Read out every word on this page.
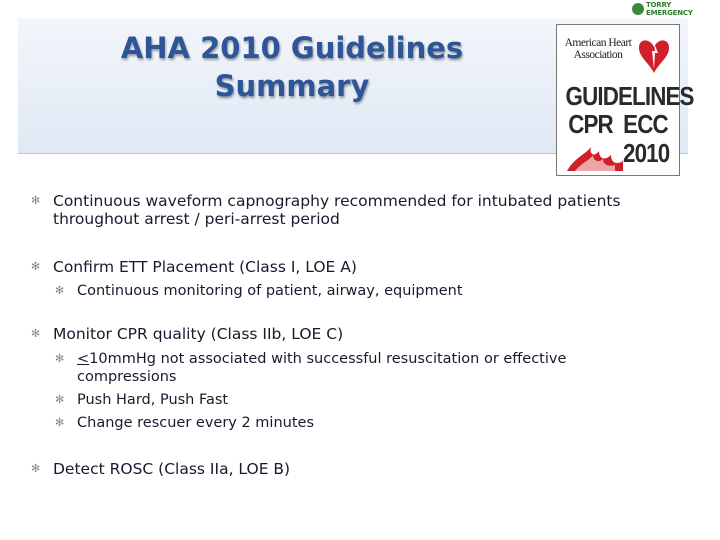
TORRY EMERGENCY
AHA 2010 Guidelines
Summary
American Heart
Association
GUIDELINES
CPR ECC
2010
✻ Continuous waveform capnography recommended for intubated patients
throughout arrest / peri-arrest period
✻ Confirm ETT Placement (Class I, LOE A)
✻ Continuous monitoring of patient, airway, equipment
✻ Monitor CPR quality (Class IIb, LOE C)
✻ <10mmHg not associated with successful resuscitation or effective
compressions
✻ Push Hard, Push Fast
✻ Change rescuer every 2 minutes
✻ Detect ROSC (Class IIa, LOE B)
